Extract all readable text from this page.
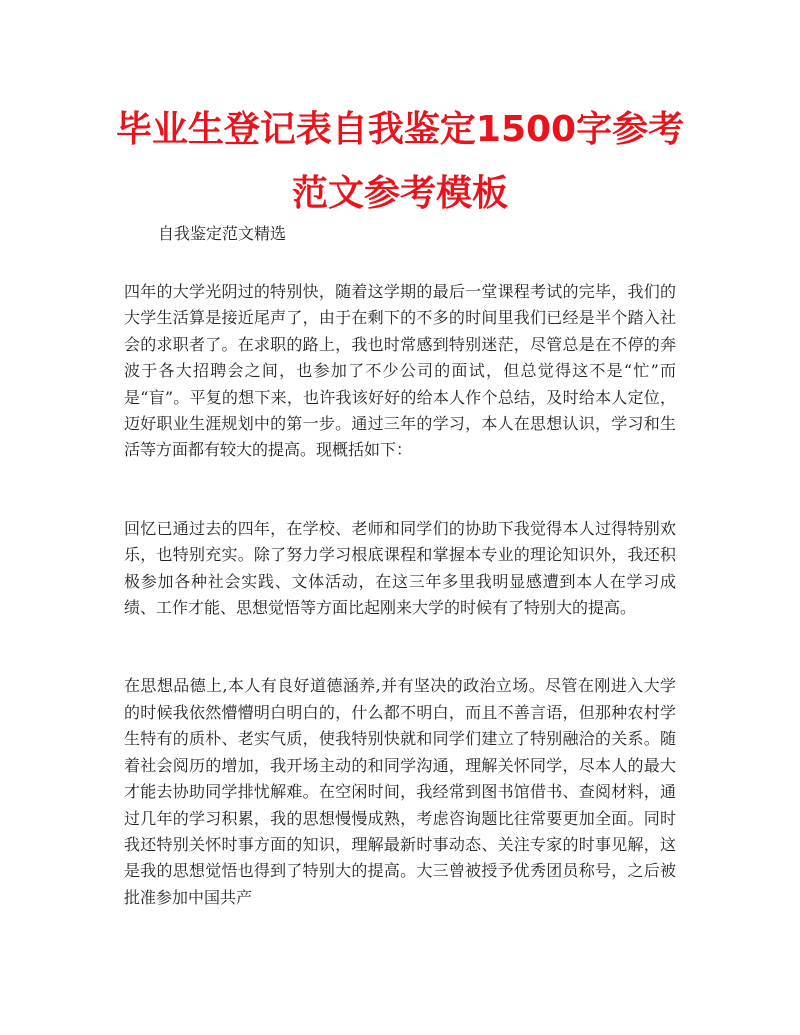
毕业生登记表自我鉴定1500字参考范文参考模板
自我鉴定范文精选

四年的大学光阴过的特别快，随着这学期的最后一堂课程考试的完毕，我们的大学生活算是接近尾声了，由于在剩下的不多的时间里我们已经是半个踏入社会的求职者了。在求职的路上，我也时常感到特别迷茫，尽管总是在不停的奔波于各大招聘会之间，也参加了不少公司的面试，但总觉得这不是“忙”而是“盲”。平复的想下来，也许我该好好的给本人作个总结，及时给本人定位，迈好职业生涯规划中的第一步。通过三年的学习，本人在思想认识，学习和生活等方面都有较大的提高。现概括如下：

回忆已通过去的四年，在学校、老师和同学们的协助下我觉得本人过得特别欢乐，也特别充实。除了努力学习根底课程和掌握本专业的理论知识外，我还积极参加各种社会实践、文体活动，在这三年多里我明显感遭到本人在学习成绩、工作才能、思想觉悟等方面比起刚来大学的时候有了特别大的提高。

在思想品德上,本人有良好道德涵养,并有坚决的政治立场。尽管在刚进入大学的时候我依然懵懵明白明白的，什么都不明白，而且不善言语，但那种农村学生特有的质朴、老实气质，使我特别快就和同学们建立了特别融洽的关系。随着社会阅历的增加，我开场主动的和同学沟通，理解关怀同学，尽本人的最大才能去协助同学排忧解难。在空闲时间，我经常到图书馆借书、查阅材料，通过几年的学习积累，我的思想慢慢成熟，考虑咨询题比往常要更加全面。同时我还特别关怀时事方面的知识，理解最新时事动态、关注专家的时事见解，这是我的思想觉悟也得到了特别大的提高。大三曾被授予优秀团员称号，之后被批准参加中国共产
